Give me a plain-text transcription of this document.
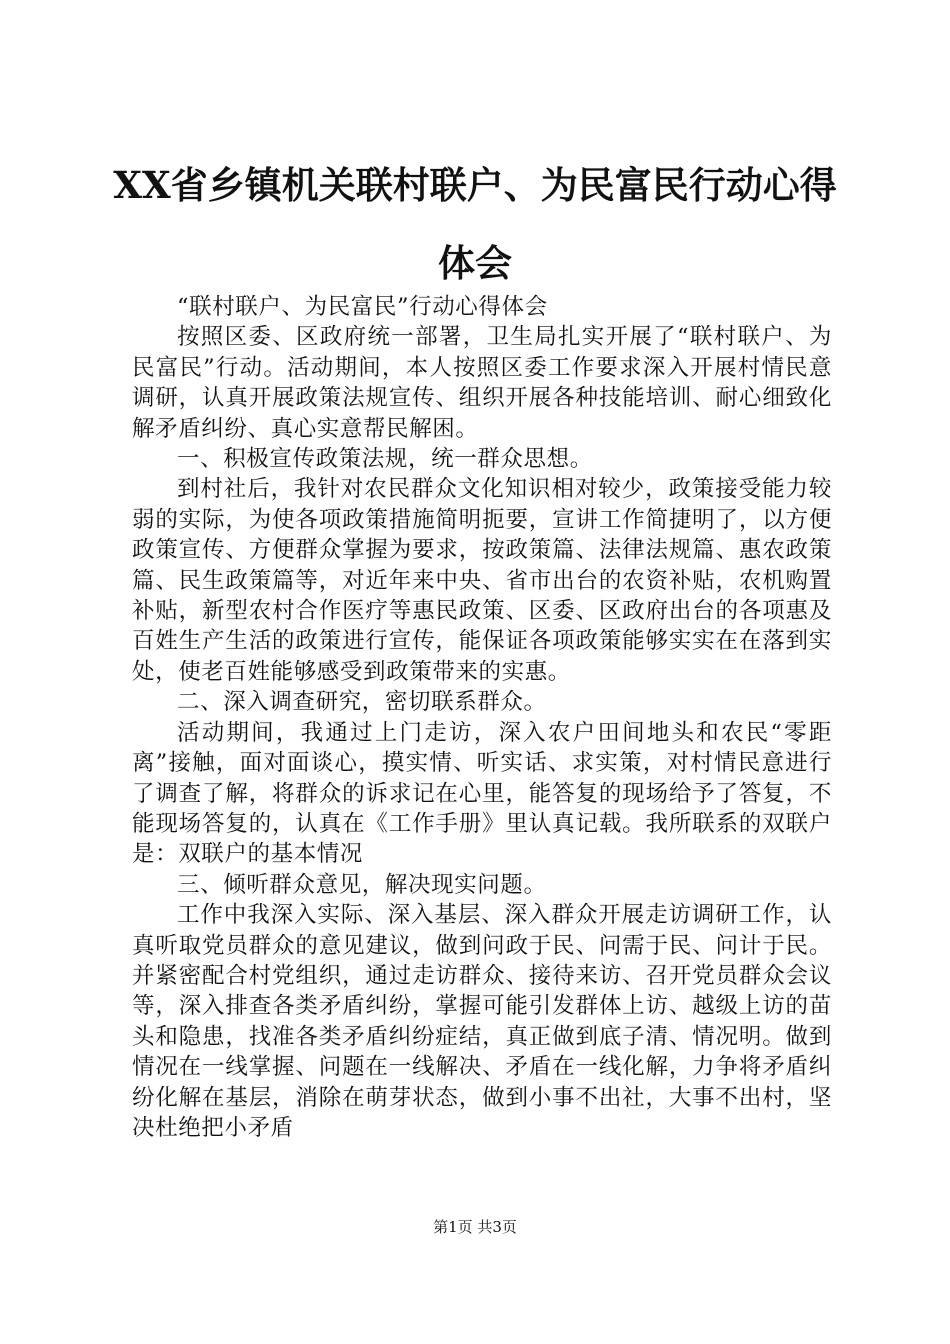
XX省乡镇机关联村联户、为民富民行动心得
体会

“联村联户、为民富民”行动心得体会

按照区委、区政府统一部署，卫生局扎实开展了“联村联户、为民富民”行动。活动期间，本人按照区委工作要求深入开展村情民意调研，认真开展政策法规宣传、组织开展各种技能培训、耐心细致化解矛盾纠纷、真心实意帮民解困。

一、积极宣传政策法规，统一群众思想。

到村社后，我针对农民群众文化知识相对较少，政策接受能力较弱的实际，为使各项政策措施简明扼要，宣讲工作简捷明了，以方便政策宣传、方便群众掌握为要求，按政策篇、法律法规篇、惠农政策篇、民生政策篇等，对近年来中央、省市出台的农资补贴，农机购置补贴，新型农村合作医疗等惠民政策、区委、区政府出台的各项惠及百姓生产生活的政策进行宣传，能保证各项政策能够实实在在落到实处，使老百姓能够感受到政策带来的实惠。

二、深入调查研究，密切联系群众。

活动期间，我通过上门走访，深入农户田间地头和农民“零距离”接触，面对面谈心，摸实情、听实话、求实策，对村情民意进行了调查了解，将群众的诉求记在心里，能答复的现场给予了答复，不能现场答复的，认真在《工作手册》里认真记载。我所联系的双联户是：双联户的基本情况

三、倾听群众意见，解决现实问题。

工作中我深入实际、深入基层、深入群众开展走访调研工作，认真听取党员群众的意见建议，做到问政于民、问需于民、问计于民。并紧密配合村党组织，通过走访群众、接待来访、召开党员群众会议等，深入排查各类矛盾纠纷，掌握可能引发群体上访、越级上访的苗头和隐患，找准各类矛盾纠纷症结，真正做到底子清、情况明。做到情况在一线掌握、问题在一线解决、矛盾在一线化解，力争将矛盾纠纷化解在基层，消除在萌芽状态，做到小事不出社，大事不出村，坚决杜绝把小矛盾

第1页 共3页
